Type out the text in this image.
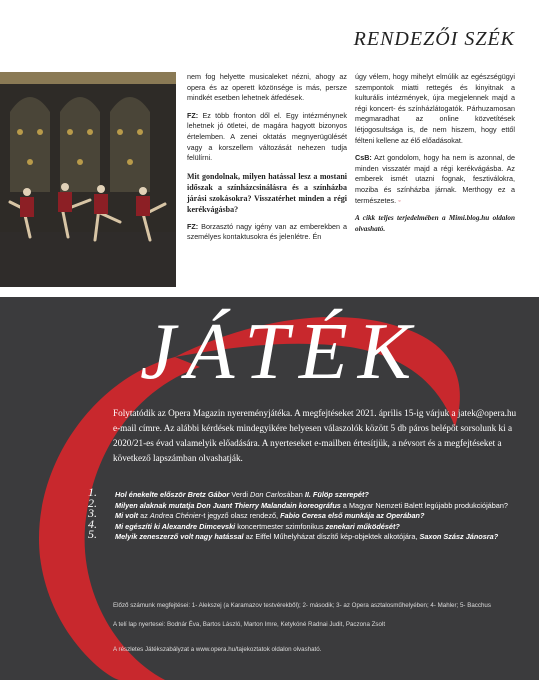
RENDEZŐI SZÉK

nem fog helyette musicaleket nézni, ahogy az opera és az operett közönsége is más, persze mindkét esetben lehetnek átfedések.

FZ: Ez több fronton dől el. Egy intézménynek lehetnek jó ötletei, de magára hagyott bizonyos értelemben. A zenei oktatás megnyerügülését vagy a korszellem változását nehezen tudja felülírni.

Mit gondolnak, milyen hatással lesz a mostani időszak a színházcsinálásra és a színházba járási szokásokra? Visszatérhet minden a régi kerékvágásba?

FZ: Borzasztó nagy igény van az emberekben a személyes kontaktusokra és jelenlétre. Én

úgy vélem, hogy mihelyt elmúlik az egészségügyi szempontok miatti rettegés és kinyitnak a kulturális intézmények, újra megjelennek majd a régi koncert- és színházlátogatók. Párhuzamosan megmaradhat az online közvetítések létjogosultsága is, de nem hiszem, hogy ettől félteni kellene az élő előadásokat.

CsB: Azt gondolom, hogy ha nem is azonnal, de minden visszatér majd a régi kerékvágásba. Az emberek ismét utazni fognak, fesztiválokra, moziba és színházba járnak. Merthogy ez a természetes. ◦

A cikk teljes terjedelmében a Mimi.blog.hu oldalon olvasható.

JÁTÉK
Folytatódik az Opera Magazin nyereményjátéka. A megfejtéseket 2021. április 15-ig várjuk a jatek@opera.hu e-mail címre. Az alábbi kérdések mindegyikére helyesen válaszolók között 5 db páros belépőt sorsolunk ki a 2020/21-es évad valamelyik előadására. A nyerteseket e-mailben értesítjük, a névsort és a megfejtéseket a következő lapszámban olvashatják.
1. Hol énekelte először Bretz Gábor Verdi Don Carlosában II. Fülöp szerepét?
2. Milyen alaknak mutatja Don Juant Thierry Malandain koreográfus a Magyar Nemzeti Balett legújabb produkciójában?
3. Mi volt az Andrea Chénier-t jegyző olasz rendező, Fabio Ceresa első munkája az Operában?
4. Mi egészíti ki Alexandre Dimcevski koncertmester szimfonikus zenekari működését?
5. Melyik zeneszerző volt nagy hatással az Eiffel Műhelyházat díszítő kép-objektek alkotójára, Saxon Szász Jánosra?
Előző számunk megfejtései: 1- Alekszej (a Karamazov testvérekből); 2- második; 3- az Opera asztalosműhelyében; 4- Mahler; 5- Bacchus
A telí lap nyertesei: Bodnár Éva, Bartos László, Marton Imre, Ketykóné Radnai Judit, Paczona Zsolt
A részletes Játékszabályzat a www.opera.hu/tajekoztatok oldalon olvasható.
